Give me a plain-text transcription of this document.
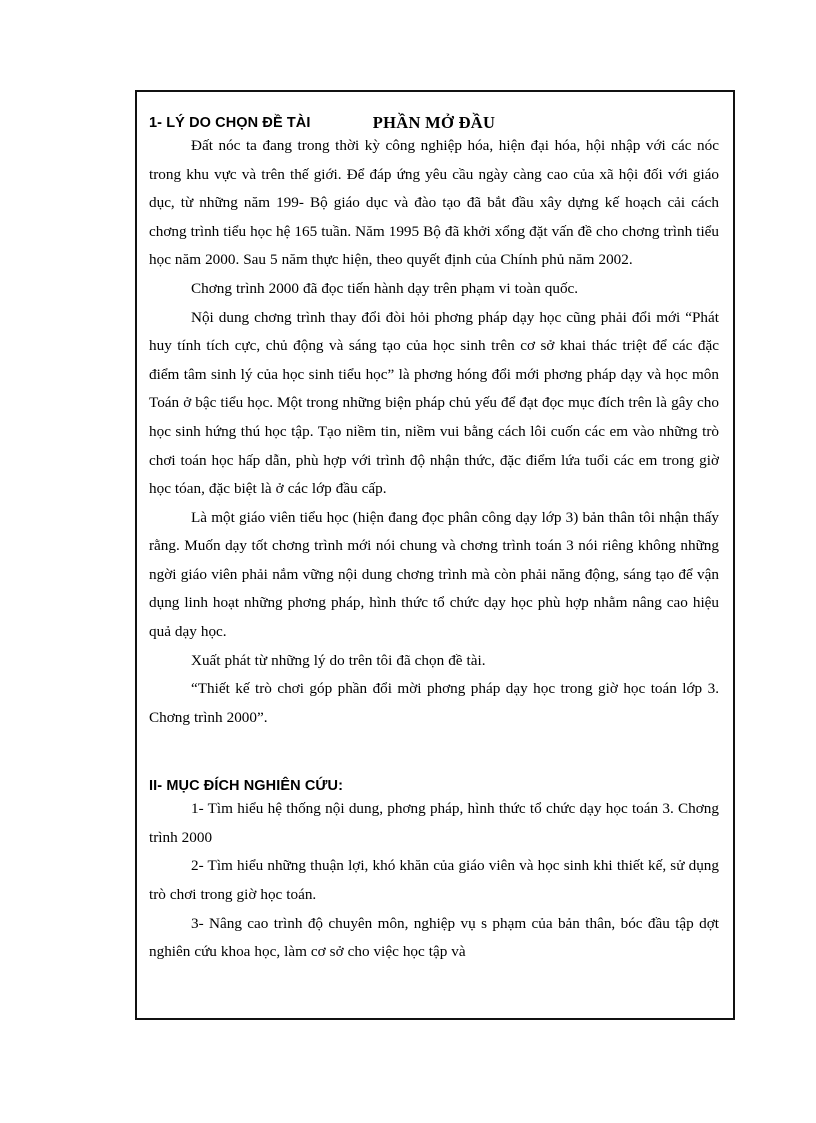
PHẦN MỞ ĐẦU
1- LÝ DO CHỌN ĐỀ TÀI

Đất nóc ta đang trong thời kỳ công nghiệp hóa, hiện đại hóa, hội nhập với các nóc trong khu vực và trên thế giới. Để đáp ứng yêu cầu ngày càng cao của xã hội đối với giáo dục, từ những năm 199- Bộ giáo dục và đào tạo đã bắt đầu xây dựng kế hoạch cải cách chơng trình tiểu học hệ 165 tuần. Năm 1995 Bộ đã khởi xổng đặt vấn đề cho chơng trình tiểu học năm 2000. Sau 5 năm thực hiện, theo quyết định của Chính phủ năm 2002.

Chơng trình 2000 đã đọc tiến hành dạy trên phạm vi toàn quốc.

Nội dung chơng trình thay đổi đòi hỏi phơng pháp dạy học cũng phải đổi mới “Phát huy tính tích cực, chủ động và sáng tạo của học sinh trên cơ sở khai thác triệt để các đặc điểm tâm sinh lý của học sinh tiểu học” là phơng hóng đổi mới phơng pháp dạy và học môn Toán ở bậc tiểu học. Một trong những biện pháp chủ yếu để đạt đọc mục đích trên là gây cho học sinh hứng thú học tập. Tạo niềm tin, niềm vui bằng cách lôi cuốn các em vào những trò chơi toán học hấp dẫn, phù hợp với trình độ nhận thức, đặc điểm lứa tuổi các em trong giờ học tóan, đặc biệt là ở các lớp đầu cấp.

Là một giáo viên tiểu học (hiện đang đọc phân công dạy lớp 3) bản thân tôi nhận thấy rằng. Muốn dạy tốt chơng trình mới nói chung và chơng trình toán 3 nói riêng không những ngời giáo viên phải nắm vững nội dung chơng trình mà còn phải năng động, sáng tạo để vận dụng linh hoạt những phơng pháp, hình thức tổ chức dạy học phù hợp nhằm nâng cao hiệu quả dạy học.

Xuất phát từ những lý do trên tôi đã chọn đề tài.

“Thiết kế trò chơi góp phần đổi mời phơng pháp dạy học trong giờ học toán lớp 3. Chơng trình 2000”.

II- MỤC ĐÍCH NGHIÊN CỨU:

1- Tìm hiểu hệ thống nội dung, phơng pháp, hình thức tổ chức dạy học toán 3. Chơng trình 2000

2- Tìm hiểu những thuận lợi, khó khăn của giáo viên và học sinh khi thiết kế, sử dụng trò chơi trong giờ học toán.

3- Nâng cao trình độ chuyên môn, nghiệp vụ s phạm của bản thân, bóc đầu tập dợt nghiên cứu khoa học, làm cơ sở cho việc học tập và
